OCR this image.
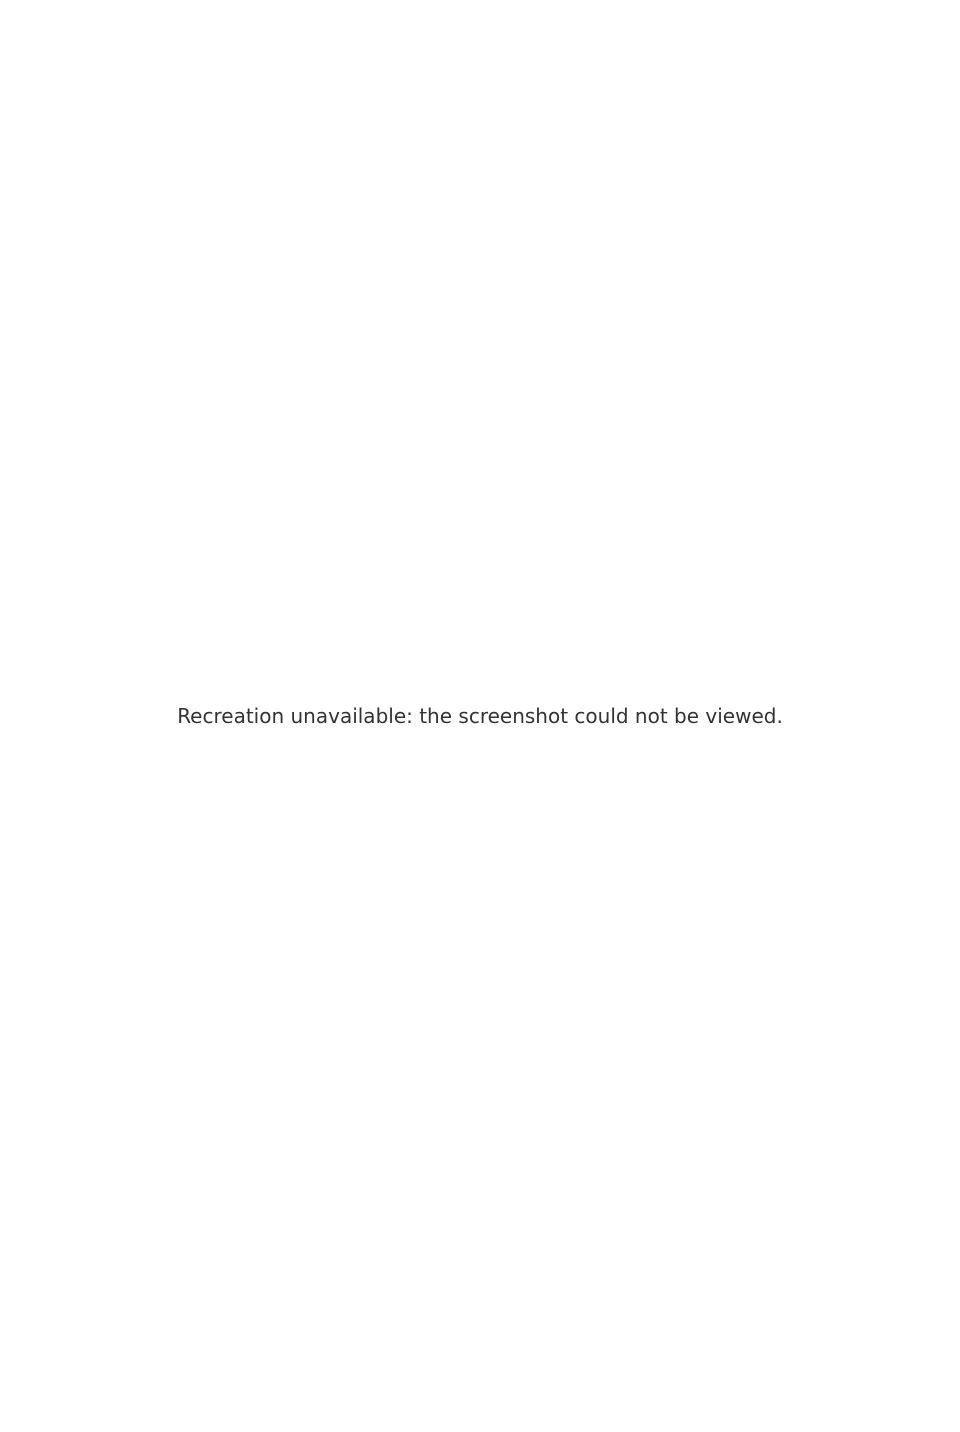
Recreation unavailable: the screenshot could not be viewed.
